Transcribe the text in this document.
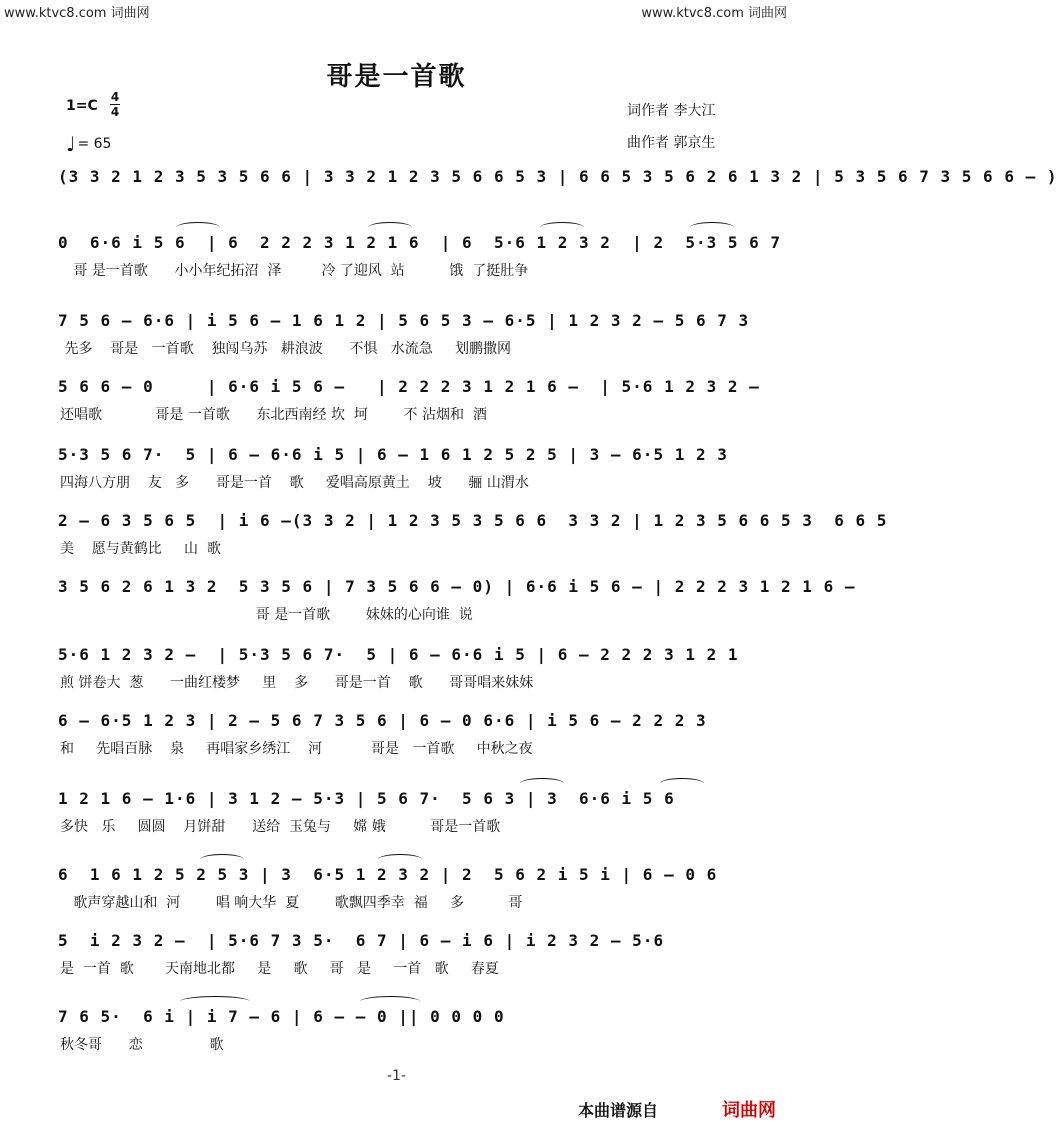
www.ktvc8.com 词曲网	www.ktvc8.com 词曲网
哥是一首歌
1=C
4
4
♩ = 65
词作者 李大江
曲作者 郭京生
(3 3 2 1 2 3 5 3 5 6 6 | 3 3 2 1 2 3 5 6 6 5 3 | 6 6 5 3 5 6 2 6 1 3 2 | 5 3 5 6 7 3 5 6 6 – )
0  6·6 i 5 6  | 6  2 2 2 3 1 2 1 6  | 6  5·6 1 2 3 2  | 2  5·3 5 6 7
哥 是一首歌      小小年纪拓沼  泽         冷 了迎风  站          饿  了挺肚争
7 5 6 – 6·6 | i 5 6 – 1 6 1 2 | 5 6 5 3 – 6·5 | 1 2 3 2 – 5 6 7 3
先多    哥是   一首歌    独闯乌苏   耕浪波      不惧   水流急     划鹏撒网
5 6 6 – 0     | 6·6 i 5 6 –   | 2 2 2 3 1 2 1 6 –  | 5·6 1 2 3 2 –
还唱歌            哥是 一首歌      东北西南经 坎  坷        不 沾烟和  酒
5·3 5 6 7·  5 | 6 – 6·6 i 5 | 6 – 1 6 1 2 5 2 5 | 3 – 6·5 1 2 3
四海八方朋    友   多      哥是一首    歌     爱唱高原黄土    坡      骊 山渭水
2 – 6 3 5 6 5  | i 6 –(3 3 2 | 1 2 3 5 3 5 6 6  3 3 2 | 1 2 3 5 6 6 5 3  6 6 5
美    愿与黄鹤比     山  歌
3 5 6 2 6 1 3 2  5 3 5 6 | 7 3 5 6 6 – 0) | 6·6 i 5 6 – | 2 2 2 3 1 2 1 6 –
哥 是一首歌        妹妹的心向谁  说
5·6 1 2 3 2 –  | 5·3 5 6 7·  5 | 6 – 6·6 i 5 | 6 – 2 2 2 3 1 2 1
煎 饼卷大  葱      一曲红楼梦     里    多      哥是一首    歌      哥哥唱来妹妹
6 – 6·5 1 2 3 | 2 – 5 6 7 3 5 6 | 6 – 0 6·6 | i 5 6 – 2 2 2 3
和     先唱百脉    泉     再唱家乡绣江    河           哥是   一首歌     中秋之夜
1 2 1 6 – 1·6 | 3 1 2 – 5·3 | 5 6 7·  5 6 3 | 3  6·6 i 5 6
多快   乐     圆圆    月饼甜      送给  玉兔与     嫦 娥          哥是一首歌
6  1 6 1 2 5 2 5 3 | 3  6·5 1 2 3 2 | 2  5 6 2 i 5 i | 6 – 0 6
歌声穿越山和  河        唱 响大华  夏        歌飘四季幸  福     多          哥
5  i 2 3 2 –  | 5·6 7 3 5·  6 7 | 6 – i 6 | i 2 3 2 – 5·6
是  一首  歌       天南地北都     是     歌     哥   是     一首   歌     春夏
7 6 5·  6 i | i 7 – 6 | 6 – – 0 || 0 0 0 0
秋冬哥      恋               歌
-1-
本曲谱源自	词曲网
